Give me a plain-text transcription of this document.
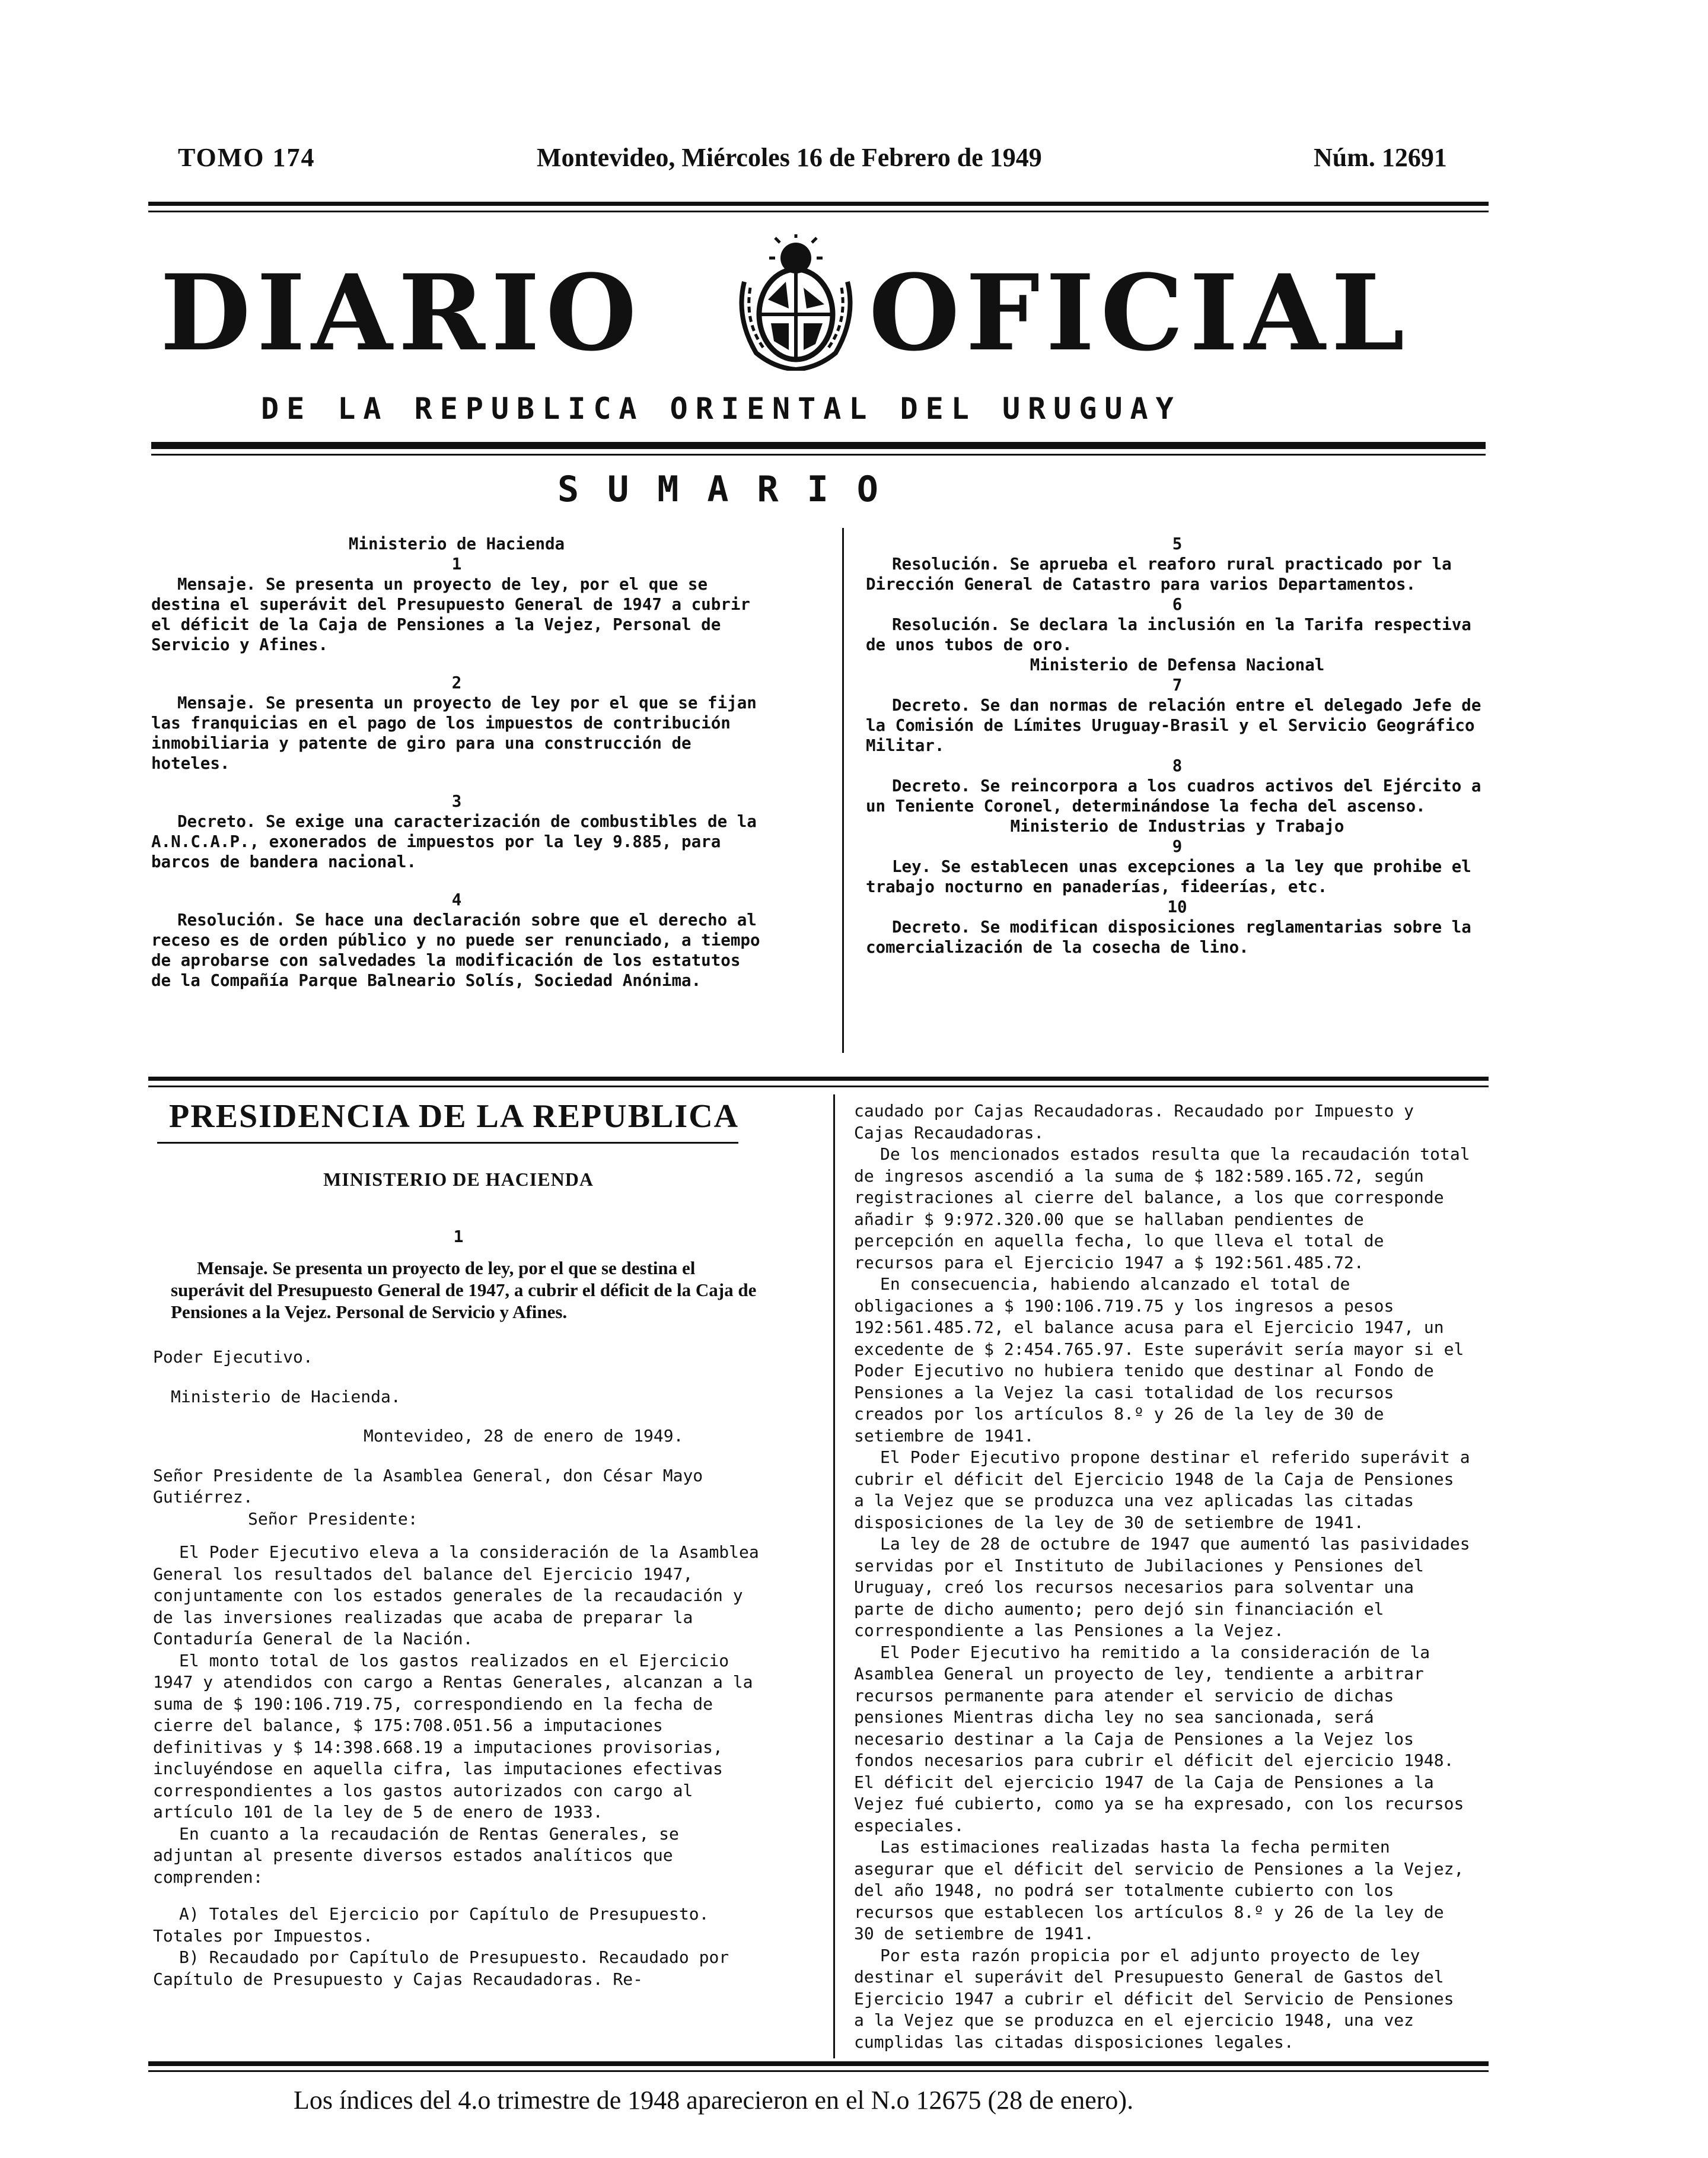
TOMO 174	Montevideo, Miércoles 16 de Febrero de 1949	Núm. 12691
DIARIO OFICIAL
DE LA REPUBLICA ORIENTAL DEL URUGUAY
SUMARIO

Ministerio de Hacienda

1

Mensaje. Se presenta un proyecto de ley, por el que se destina el superávit del Presupuesto General de 1947 a cubrir el déficit de la Caja de Pensiones a la Vejez, Personal de Servicio y Afines.

2

Mensaje. Se presenta un proyecto de ley por el que se fijan las franquicias en el pago de los impuestos de contribución inmobiliaria y patente de giro para una construcción de hoteles.

3

Decreto. Se exige una caracterización de combustibles de la A.N.C.A.P., exonerados de impuestos por la ley 9.885, para barcos de bandera nacional.

4

Resolución. Se hace una declaración sobre que el derecho al receso es de orden público y no puede ser renunciado, a tiempo de aprobarse con salvedades la modificación de los estatutos de la Compañía Parque Balneario Solís, Sociedad Anónima.

5

Resolución. Se aprueba el reaforo rural practicado por la Dirección General de Catastro para varios Departamentos.

6

Resolución. Se declara la inclusión en la Tarifa respectiva de unos tubos de oro.

Ministerio de Defensa Nacional

7

Decreto. Se dan normas de relación entre el delegado Jefe de la Comisión de Límites Uruguay-Brasil y el Servicio Geográfico Militar.

8

Decreto. Se reincorpora a los cuadros activos del Ejército a un Teniente Coronel, determinándose la fecha del ascenso.

Ministerio de Industrias y Trabajo

9

Ley. Se establecen unas excepciones a la ley que prohibe el trabajo nocturno en panaderías, fideerías, etc.

10

Decreto. Se modifican disposiciones reglamentarias sobre la comercialización de la cosecha de lino.

PRESIDENCIA DE LA REPUBLICA

MINISTERIO DE HACIENDA

1

Mensaje. Se presenta un proyecto de ley, por el que se destina el superávit del Presupuesto General de 1947, a cubrir el déficit de la Caja de Pensiones a la Vejez. Personal de Servicio y Afines.

Poder Ejecutivo.

Ministerio de Hacienda.

Montevideo, 28 de enero de 1949.

Señor Presidente de la Asamblea General, don César Mayo Gutiérrez.

Señor Presidente:

El Poder Ejecutivo eleva a la consideración de la Asamblea General los resultados del balance del Ejercicio 1947, conjuntamente con los estados generales de la recaudación y de las inversiones realizadas que acaba de preparar la Contaduría General de la Nación.

El monto total de los gastos realizados en el Ejercicio 1947 y atendidos con cargo a Rentas Generales, alcanzan a la suma de $ 190:106.719.75, correspondiendo en la fecha de cierre del balance, $ 175:708.051.56 a imputaciones definitivas y $ 14:398.668.19 a imputaciones provisorias, incluyéndose en aquella cifra, las imputaciones efectivas correspondientes a los gastos autorizados con cargo al artículo 101 de la ley de 5 de enero de 1933.

En cuanto a la recaudación de Rentas Generales, se adjuntan al presente diversos estados analíticos que comprenden:

A) Totales del Ejercicio por Capítulo de Presupuesto. Totales por Impuestos.

B) Recaudado por Capítulo de Presupuesto. Recaudado por Capítulo de Presupuesto y Cajas Recaudadoras. Re-

caudado por Cajas Recaudadoras. Recaudado por Impuesto y Cajas Recaudadoras.

De los mencionados estados resulta que la recaudación total de ingresos ascendió a la suma de $ 182:589.165.72, según registraciones al cierre del balance, a los que corresponde añadir $ 9:972.320.00 que se hallaban pendientes de percepción en aquella fecha, lo que lleva el total de recursos para el Ejercicio 1947 a $ 192:561.485.72.

En consecuencia, habiendo alcanzado el total de obligaciones a $ 190:106.719.75 y los ingresos a pesos 192:561.485.72, el balance acusa para el Ejercicio 1947, un excedente de $ 2:454.765.97. Este superávit sería mayor si el Poder Ejecutivo no hubiera tenido que destinar al Fondo de Pensiones a la Vejez la casi totalidad de los recursos creados por los artículos 8.º y 26 de la ley de 30 de setiembre de 1941.

El Poder Ejecutivo propone destinar el referido superávit a cubrir el déficit del Ejercicio 1948 de la Caja de Pensiones a la Vejez que se produzca una vez aplicadas las citadas disposiciones de la ley de 30 de setiembre de 1941.

La ley de 28 de octubre de 1947 que aumentó las pasividades servidas por el Instituto de Jubilaciones y Pensiones del Uruguay, creó los recursos necesarios para solventar una parte de dicho aumento; pero dejó sin financiación el correspondiente a las Pensiones a la Vejez.

El Poder Ejecutivo ha remitido a la consideración de la Asamblea General un proyecto de ley, tendiente a arbitrar recursos permanente para atender el servicio de dichas pensiones Mientras dicha ley no sea sancionada, será necesario destinar a la Caja de Pensiones a la Vejez los fondos necesarios para cubrir el déficit del ejercicio 1948. El déficit del ejercicio 1947 de la Caja de Pensiones a la Vejez fué cubierto, como ya se ha expresado, con los recursos especiales.

Las estimaciones realizadas hasta la fecha permiten asegurar que el déficit del servicio de Pensiones a la Vejez, del año 1948, no podrá ser totalmente cubierto con los recursos que establecen los artículos 8.º y 26 de la ley de 30 de setiembre de 1941.

Por esta razón propicia por el adjunto proyecto de ley destinar el superávit del Presupuesto General de Gastos del Ejercicio 1947 a cubrir el déficit del Servicio de Pensiones a la Vejez que se produzca en el ejercicio 1948, una vez cumplidas las citadas disposiciones legales.

Los índices del 4.o trimestre de 1948 aparecieron en el N.o 12675 (28 de enero).
